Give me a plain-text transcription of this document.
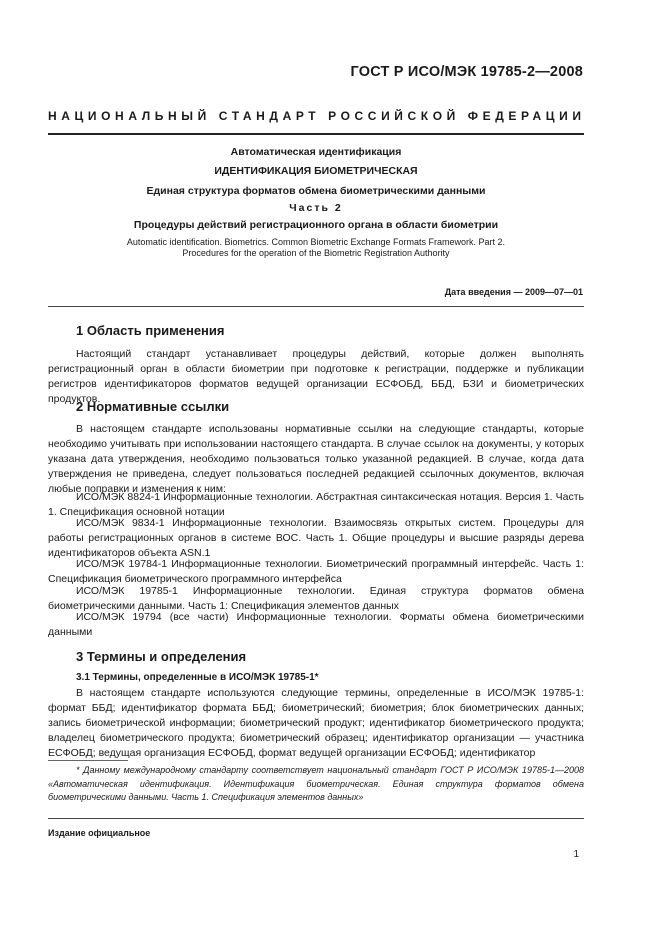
ГОСТ Р ИСО/МЭК 19785-2—2008
НАЦИОНАЛЬНЫЙ СТАНДАРТ РОССИЙСКОЙ ФЕДЕРАЦИИ
Автоматическая идентификация
ИДЕНТИФИКАЦИЯ БИОМЕТРИЧЕСКАЯ
Единая структура форматов обмена биометрическими данными
Часть 2
Процедуры действий регистрационного органа в области биометрии
Automatic identification. Biometrics. Common Biometric Exchange Formats Framework. Part 2.
Procedures for the operation of the Biometric Registration Authority
Дата введения — 2009—07—01
1 Область применения

Настоящий стандарт устанавливает процедуры действий, которые должен выполнять регистрационный орган в области биометрии при подготовке к регистрации, поддержке и публикации регистров идентификаторов форматов ведущей организации ЕСФОБД, ББД, БЗИ и биометрических продуктов.

2 Нормативные ссылки

В настоящем стандарте использованы нормативные ссылки на следующие стандарты, которые необходимо учитывать при использовании настоящего стандарта. В случае ссылок на документы, у которых указана дата утверждения, необходимо пользоваться только указанной редакцией. В случае, когда дата утверждения не приведена, следует пользоваться последней редакцией ссылочных документов, включая любые поправки и изменения к ним:

ИСО/МЭК 8824-1 Информационные технологии. Абстрактная синтаксическая нотация. Версия 1. Часть 1. Спецификация основной нотации

ИСО/МЭК 9834-1 Информационные технологии. Взаимосвязь открытых систем. Процедуры для работы регистрационных органов в системе ВОС. Часть 1. Общие процедуры и высшие разряды дерева идентификаторов объекта ASN.1

ИСО/МЭК 19784-1 Информационные технологии. Биометрический программный интерфейс. Часть 1: Спецификация биометрического программного интерфейса

ИСО/МЭК 19785-1 Информационные технологии. Единая структура форматов обмена биометрическими данными. Часть 1: Спецификация элементов данных

ИСО/МЭК 19794 (все части) Информационные технологии. Форматы обмена биометрическими данными

3 Термины и определения
3.1 Термины, определенные в ИСО/МЭК 19785-1*

В настоящем стандарте используются следующие термины, определенные в ИСО/МЭК 19785-1: формат ББД; идентификатор формата ББД; биометрический; биометрия; блок биометрических данных; запись биометрической информации; биометрический продукт; идентификатор биометрического продукта; владелец биометрического продукта; биометрический образец; идентификатор организации — участника ЕСФОБД; ведущая организация ЕСФОБД, формат ведущей организации ЕСФОБД; идентификатор

* Данному международному стандарту соответствует национальный стандарт ГОСТ Р ИСО/МЭК 19785-1—2008 «Автоматическая идентификация. Идентификация биометрическая. Единая структура форматов обмена биометрическими данными. Часть 1. Спецификация элементов данных»

Издание официальное
1
